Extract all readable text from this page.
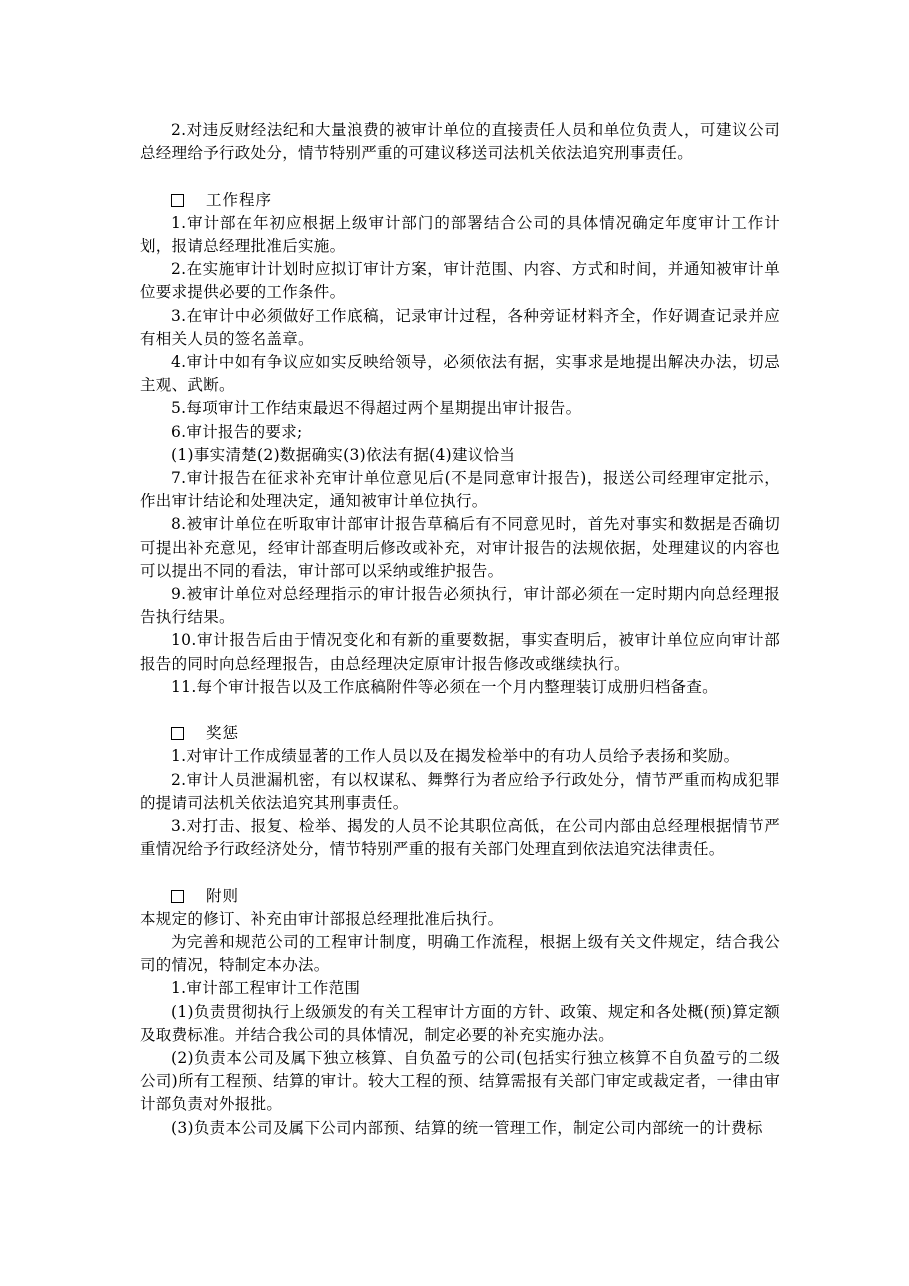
2.对违反财经法纪和大量浪费的被审计单位的直接责任人员和单位负责人，可建议公司总经理给予行政处分，情节特别严重的可建议移送司法机关依法追究刑事责任。

工作程序

1.审计部在年初应根据上级审计部门的部署结合公司的具体情况确定年度审计工作计划，报请总经理批准后实施。

2.在实施审计计划时应拟订审计方案，审计范围、内容、方式和时间，并通知被审计单位要求提供必要的工作条件。

3.在审计中必须做好工作底稿，记录审计过程，各种旁证材料齐全，作好调查记录并应有相关人员的签名盖章。

4.审计中如有争议应如实反映给领导，必须依法有据，实事求是地提出解决办法，切忌主观、武断。

5.每项审计工作结束最迟不得超过两个星期提出审计报告。

6.审计报告的要求;

(1)事实清楚(2)数据确实(3)依法有据(4)建议恰当

7.审计报告在征求补充审计单位意见后(不是同意审计报告)，报送公司经理审定批示，作出审计结论和处理决定，通知被审计单位执行。

8.被审计单位在听取审计部审计报告草稿后有不同意见时，首先对事实和数据是否确切可提出补充意见，经审计部查明后修改或补充，对审计报告的法规依据，处理建议的内容也可以提出不同的看法，审计部可以采纳或维护报告。

9.被审计单位对总经理指示的审计报告必须执行，审计部必须在一定时期内向总经理报告执行结果。

10.审计报告后由于情况变化和有新的重要数据，事实查明后，被审计单位应向审计部报告的同时向总经理报告，由总经理决定原审计报告修改或继续执行。

11.每个审计报告以及工作底稿附件等必须在一个月内整理装订成册归档备查。

奖惩

1.对审计工作成绩显著的工作人员以及在揭发检举中的有功人员给予表扬和奖励。

2.审计人员泄漏机密，有以权谋私、舞弊行为者应给予行政处分，情节严重而构成犯罪的提请司法机关依法追究其刑事责任。

3.对打击、报复、检举、揭发的人员不论其职位高低，在公司内部由总经理根据情节严重情况给予行政经济处分，情节特别严重的报有关部门处理直到依法追究法律责任。

附则

本规定的修订、补充由审计部报总经理批准后执行。

为完善和规范公司的工程审计制度，明确工作流程，根据上级有关文件规定，结合我公司的情况，特制定本办法。

1.审计部工程审计工作范围

(1)负责贯彻执行上级颁发的有关工程审计方面的方针、政策、规定和各处概(预)算定额及取费标准。并结合我公司的具体情况，制定必要的补充实施办法。

(2)负责本公司及属下独立核算、自负盈亏的公司(包括实行独立核算不自负盈亏的二级公司)所有工程预、结算的审计。较大工程的预、结算需报有关部门审定或裁定者，一律由审计部负责对外报批。

(3)负责本公司及属下公司内部预、结算的统一管理工作，制定公司内部统一的计费标
